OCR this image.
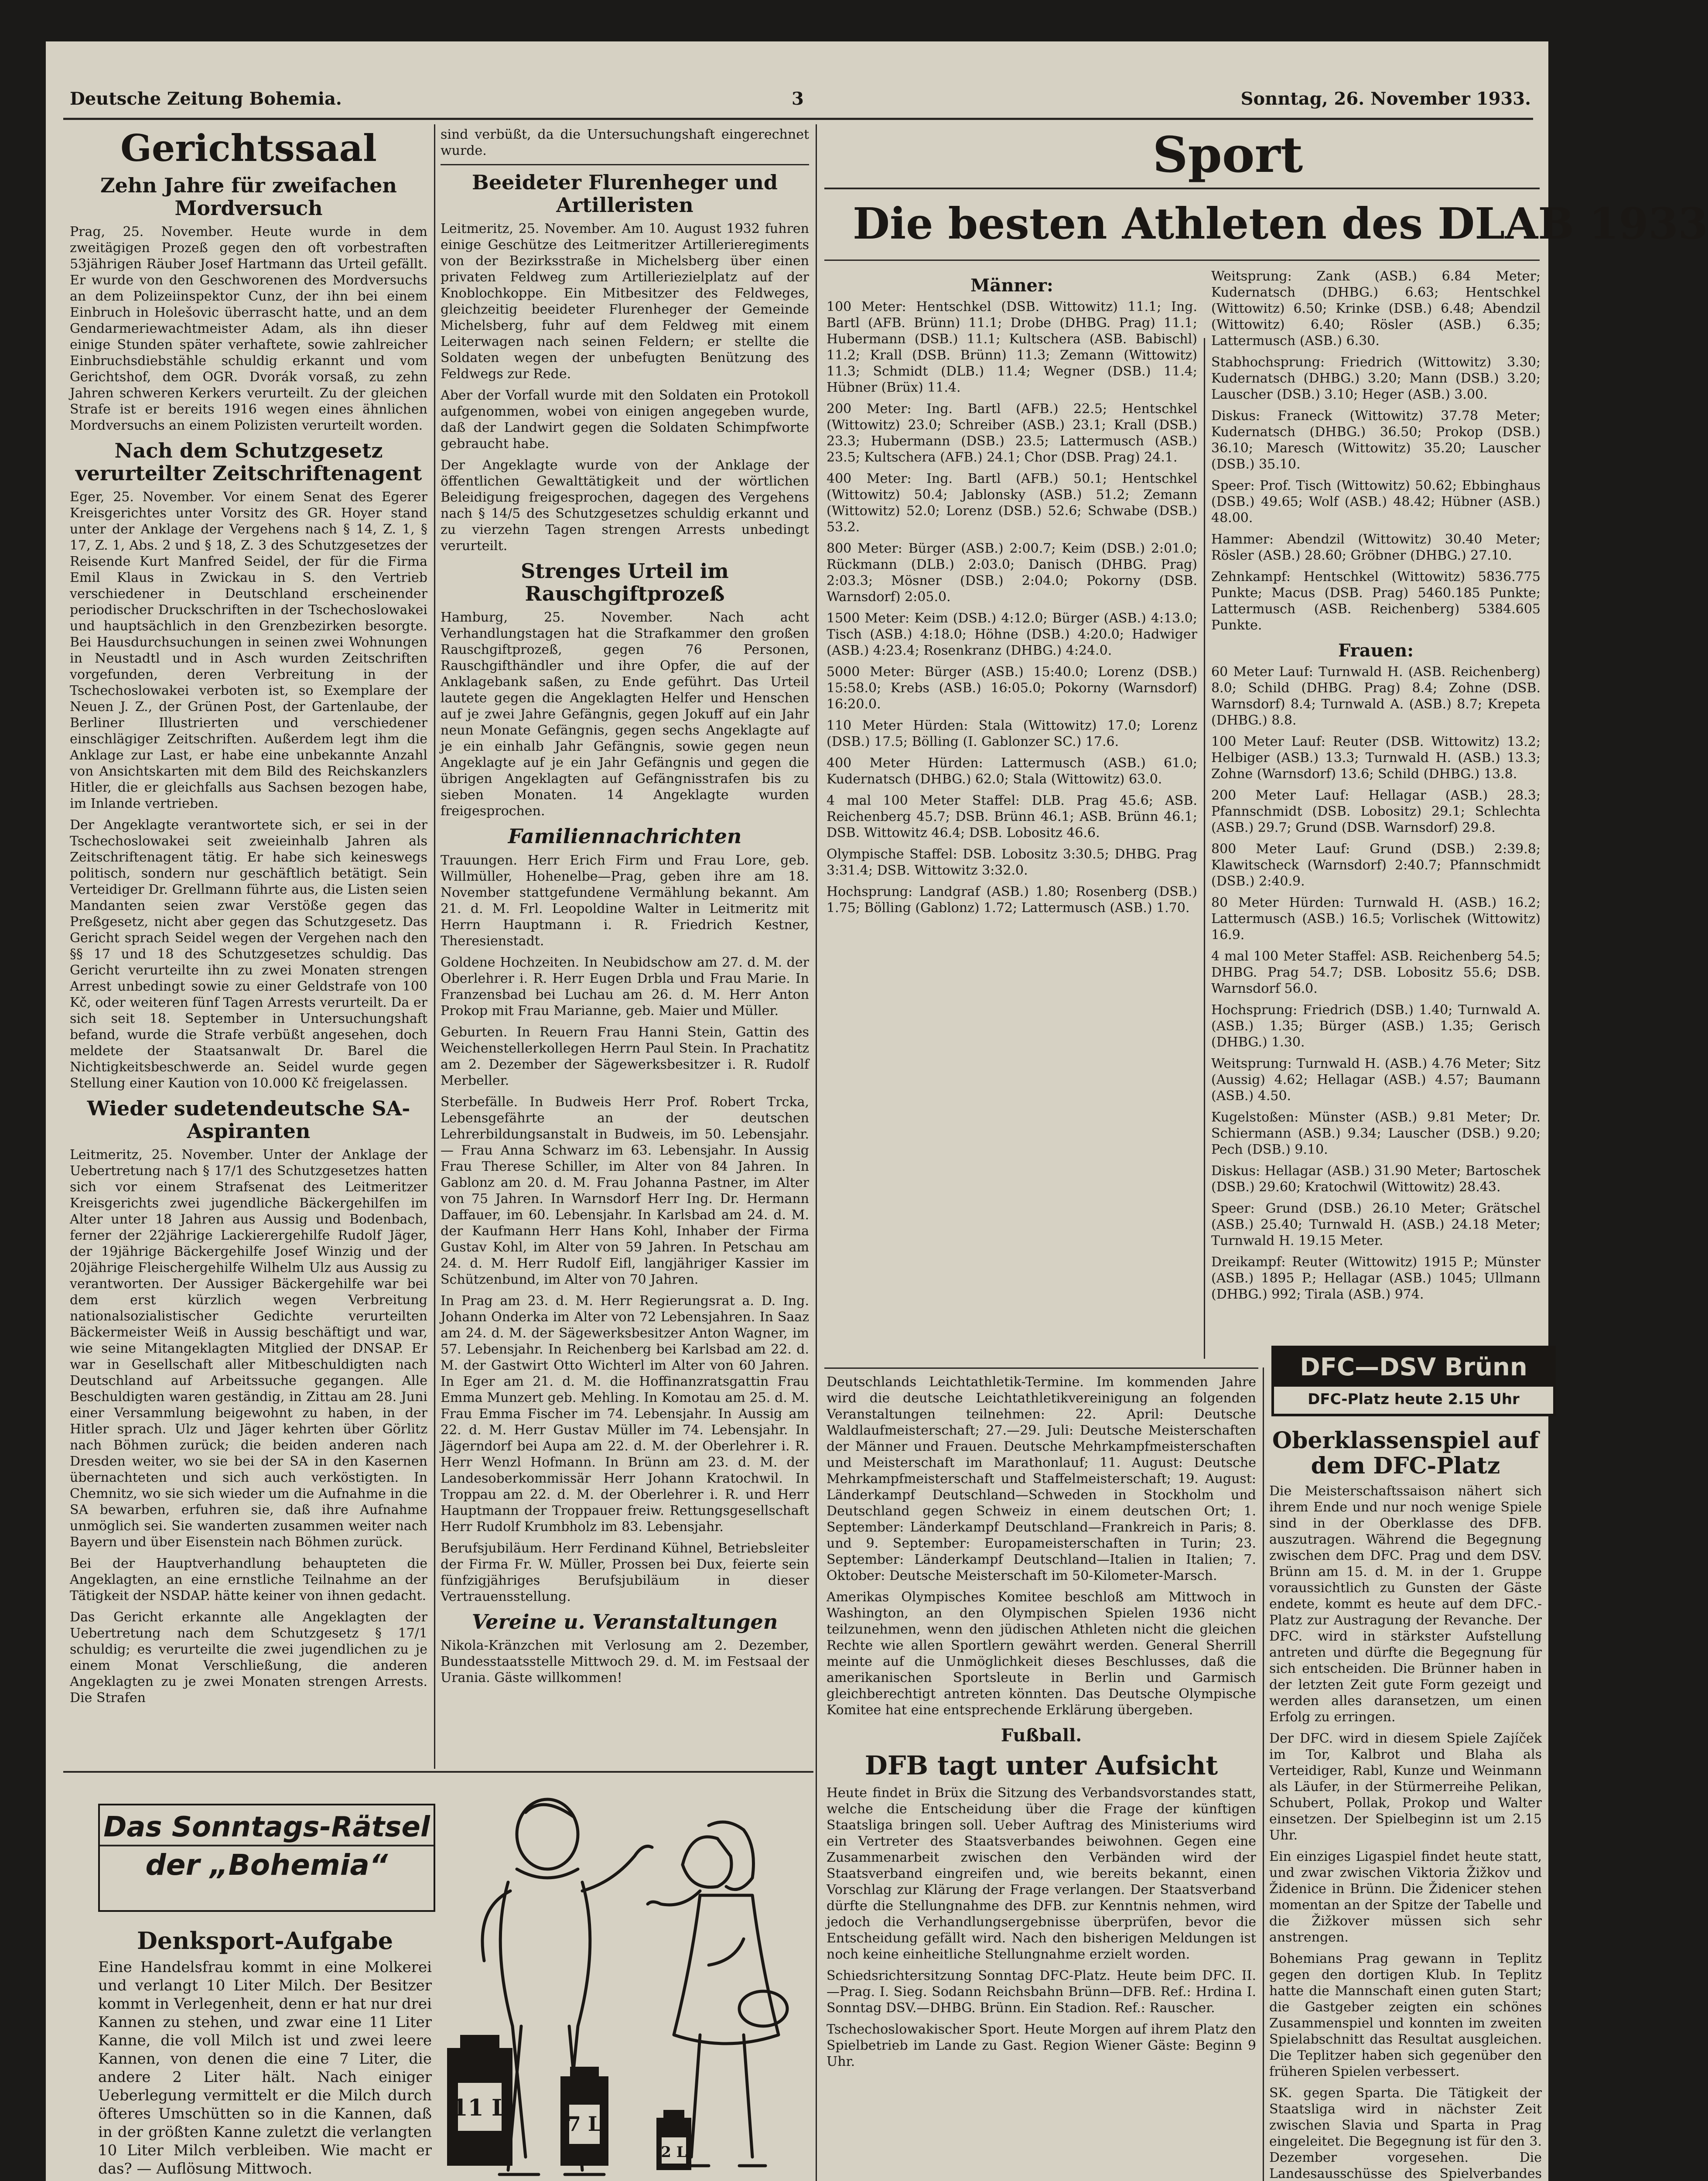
Deutsche Zeitung Bohemia.	3	Sonntag, 26. November 1933.
Gerichtssaal
Zehn Jahre für zweifachen Mordversuch

Prag, 25. November. Heute wurde in dem zweitägigen Prozeß gegen den oft vorbestraften 53jährigen Räuber Josef Hartmann das Urteil gefällt. Er wurde von den Geschworenen des Mordversuchs an dem Polizeiinspektor Cunz, der ihn bei einem Einbruch in Holešovic überrascht hatte, und an dem Gendarmeriewachtmeister Adam, als ihn dieser einige Stunden später verhaftete, sowie zahlreicher Einbruchsdiebstähle schuldig erkannt und vom Gerichtshof, dem OGR. Dvorák vorsaß, zu zehn Jahren schweren Kerkers verurteilt. Zu der gleichen Strafe ist er bereits 1916 wegen eines ähnlichen Mordversuchs an einem Polizisten verurteilt worden.

Nach dem Schutzgesetz verurteilter Zeitschriftenagent

Eger, 25. November. Vor einem Senat des Egerer Kreisgerichtes unter Vorsitz des GR. Hoyer stand unter der Anklage der Vergehens nach § 14, Z. 1, § 17, Z. 1, Abs. 2 und § 18, Z. 3 des Schutzgesetzes der Reisende Kurt Manfred Seidel, der für die Firma Emil Klaus in Zwickau in S. den Vertrieb verschiedener in Deutschland erscheinender periodischer Druckschriften in der Tschechoslowakei und hauptsächlich in den Grenzbezirken besorgte. Bei Hausdurchsuchungen in seinen zwei Wohnungen in Neustadtl und in Asch wurden Zeitschriften vorgefunden, deren Verbreitung in der Tschechoslowakei verboten ist, so Exemplare der Neuen J. Z., der Grünen Post, der Gartenlaube, der Berliner Illustrierten und verschiedener einschlägiger Zeitschriften. Außerdem legt ihm die Anklage zur Last, er habe eine unbekannte Anzahl von Ansichtskarten mit dem Bild des Reichskanzlers Hitler, die er gleichfalls aus Sachsen bezogen habe, im Inlande vertrieben.

Der Angeklagte verantwortete sich, er sei in der Tschechoslowakei seit zweieinhalb Jahren als Zeitschriftenagent tätig. Er habe sich keineswegs politisch, sondern nur geschäftlich betätigt. Sein Verteidiger Dr. Grellmann führte aus, die Listen seien Mandanten seien zwar Verstöße gegen das Preßgesetz, nicht aber gegen das Schutzgesetz. Das Gericht sprach Seidel wegen der Vergehen nach den §§ 17 und 18 des Schutzgesetzes schuldig. Das Gericht verurteilte ihn zu zwei Monaten strengen Arrest unbedingt sowie zu einer Geldstrafe von 100 Kč, oder weiteren fünf Tagen Arrests verurteilt. Da er sich seit 18. September in Untersuchungshaft befand, wurde die Strafe verbüßt angesehen, doch meldete der Staatsanwalt Dr. Barel die Nichtigkeitsbeschwerde an. Seidel wurde gegen Stellung einer Kaution von 10.000 Kč freigelassen.

Wieder sudetendeutsche SA-Aspiranten

Leitmeritz, 25. November. Unter der Anklage der Uebertretung nach § 17/1 des Schutzgesetzes hatten sich vor einem Strafsenat des Leitmeritzer Kreisgerichts zwei jugendliche Bäckergehilfen im Alter unter 18 Jahren aus Aussig und Bodenbach, ferner der 22jährige Lackierergehilfe Rudolf Jäger, der 19jährige Bäckergehilfe Josef Winzig und der 20jährige Fleischergehilfe Wilhelm Ulz aus Aussig zu verantworten. Der Aussiger Bäckergehilfe war bei dem erst kürzlich wegen Verbreitung nationalsozialistischer Gedichte verurteilten Bäckermeister Weiß in Aussig beschäftigt und war, wie seine Mitangeklagten Mitglied der DNSAP. Er war in Gesellschaft aller Mitbeschuldigten nach Deutschland auf Arbeitssuche gegangen. Alle Beschuldigten waren geständig, in Zittau am 28. Juni einer Versammlung beigewohnt zu haben, in der Hitler sprach. Ulz und Jäger kehrten über Görlitz nach Böhmen zurück; die beiden anderen nach Dresden weiter, wo sie bei der SA in den Kasernen übernachteten und sich auch verköstigten. In Chemnitz, wo sie sich wieder um die Aufnahme in die SA bewarben, erfuhren sie, daß ihre Aufnahme unmöglich sei. Sie wanderten zusammen weiter nach Bayern und über Eisenstein nach Böhmen zurück.

Bei der Hauptverhandlung behaupteten die Angeklagten, an eine ernstliche Teilnahme an der Tätigkeit der NSDAP. hätte keiner von ihnen gedacht.

Das Gericht erkannte alle Angeklagten der Uebertretung nach dem Schutzgesetz § 17/1 schuldig; es verurteilte die zwei jugendlichen zu je einem Monat Verschließung, die anderen Angeklagten zu je zwei Monaten strengen Arrests. Die Strafen

sind verbüßt, da die Untersuchungshaft eingerechnet wurde.

Beeideter Flurenheger und Artilleristen

Leitmeritz, 25. November. Am 10. August 1932 fuhren einige Geschütze des Leitmeritzer Artillerieregiments von der Bezirksstraße in Michelsberg über einen privaten Feldweg zum Artilleriezielplatz auf der Knoblochkoppe. Ein Mitbesitzer des Feldweges, gleichzeitig beeideter Flurenheger der Gemeinde Michelsberg, fuhr auf dem Feldweg mit einem Leiterwagen nach seinen Feldern; er stellte die Soldaten wegen der unbefugten Benützung des Feldwegs zur Rede.

Aber der Vorfall wurde mit den Soldaten ein Protokoll aufgenommen, wobei von einigen angegeben wurde, daß der Landwirt gegen die Soldaten Schimpfworte gebraucht habe.

Der Angeklagte wurde von der Anklage der öffentlichen Gewalttätigkeit und der wörtlichen Beleidigung freigesprochen, dagegen des Vergehens nach § 14/5 des Schutzgesetzes schuldig erkannt und zu vierzehn Tagen strengen Arrests unbedingt verurteilt.

Strenges Urteil im Rauschgiftprozeß

Hamburg, 25. November. Nach acht Verhandlungstagen hat die Strafkammer den großen Rauschgiftprozeß, gegen 76 Personen, Rauschgifthändler und ihre Opfer, die auf der Anklagebank saßen, zu Ende geführt. Das Urteil lautete gegen die Angeklagten Helfer und Henschen auf je zwei Jahre Gefängnis, gegen Jokuff auf ein Jahr neun Monate Gefängnis, gegen sechs Angeklagte auf je ein einhalb Jahr Gefängnis, sowie gegen neun Angeklagte auf je ein Jahr Gefängnis und gegen die übrigen Angeklagten auf Gefängnisstrafen bis zu sieben Monaten. 14 Angeklagte wurden freigesprochen.

Familiennachrichten

Trauungen. Herr Erich Firm und Frau Lore, geb. Willmüller, Hohenelbe—Prag, geben ihre am 18. November stattgefundene Vermählung bekannt. Am 21. d. M. Frl. Leopoldine Walter in Leitmeritz mit Herrn Hauptmann i. R. Friedrich Kestner, Theresienstadt.

Goldene Hochzeiten. In Neubidschow am 27. d. M. der Oberlehrer i. R. Herr Eugen Drbla und Frau Marie. In Franzensbad bei Luchau am 26. d. M. Herr Anton Prokop mit Frau Marianne, geb. Maier und Müller.

Geburten. In Reuern Frau Hanni Stein, Gattin des Weichenstellerkollegen Herrn Paul Stein. In Prachatitz am 2. Dezember der Sägewerksbesitzer i. R. Rudolf Merbeller.

Sterbefälle. In Budweis Herr Prof. Robert Trcka, Lebensgefährte an der deutschen Lehrerbildungsanstalt in Budweis, im 50. Lebensjahr. — Frau Anna Schwarz im 63. Lebensjahr. In Aussig Frau Therese Schiller, im Alter von 84 Jahren. In Gablonz am 20. d. M. Frau Johanna Pastner, im Alter von 75 Jahren. In Warnsdorf Herr Ing. Dr. Hermann Daffauer, im 60. Lebensjahr. In Karlsbad am 24. d. M. der Kaufmann Herr Hans Kohl, Inhaber der Firma Gustav Kohl, im Alter von 59 Jahren. In Petschau am 24. d. M. Herr Rudolf Eifl, langjähriger Kassier im Schützenbund, im Alter von 70 Jahren.

In Prag am 23. d. M. Herr Regierungsrat a. D. Ing. Johann Onderka im Alter von 72 Lebensjahren. In Saaz am 24. d. M. der Sägewerksbesitzer Anton Wagner, im 57. Lebensjahr. In Reichenberg bei Karlsbad am 22. d. M. der Gastwirt Otto Wichterl im Alter von 60 Jahren. In Eger am 21. d. M. die Hoffinanzratsgattin Frau Emma Munzert geb. Mehling. In Komotau am 25. d. M. Frau Emma Fischer im 74. Lebensjahr. In Aussig am 22. d. M. Herr Gustav Müller im 74. Lebensjahr. In Jägerndorf bei Aupa am 22. d. M. der Oberlehrer i. R. Herr Wenzl Hofmann. In Brünn am 23. d. M. der Landesoberkommissär Herr Johann Kratochwil. In Troppau am 22. d. M. der Oberlehrer i. R. und Herr Hauptmann der Troppauer freiw. Rettungsgesellschaft Herr Rudolf Krumbholz im 83. Lebensjahr.

Berufsjubiläum. Herr Ferdinand Kühnel, Betriebsleiter der Firma Fr. W. Müller, Prossen bei Dux, feierte sein fünfzigjähriges Berufsjubiläum in dieser Vertrauensstellung.

Vereine u. Veranstaltungen

Nikola-Kränzchen mit Verlosung am 2. Dezember, Bundesstaatsstelle Mittwoch 29. d. M. im Festsaal der Urania. Gäste willkommen!

Sport
Die besten Athleten des DLAB 1933
Männer:

100 Meter: Hentschkel (DSB. Wittowitz) 11.1; Ing. Bartl (AFB. Brünn) 11.1; Drobe (DHBG. Prag) 11.1; Hubermann (DSB.) 11.1; Kultschera (ASB. Babischl) 11.2; Krall (DSB. Brünn) 11.3; Zemann (Wittowitz) 11.3; Schmidt (DLB.) 11.4; Wegner (DSB.) 11.4; Hübner (Brüx) 11.4.

200 Meter: Ing. Bartl (AFB.) 22.5; Hentschkel (Wittowitz) 23.0; Schreiber (ASB.) 23.1; Krall (DSB.) 23.3; Hubermann (DSB.) 23.5; Lattermusch (ASB.) 23.5; Kultschera (AFB.) 24.1; Chor (DSB. Prag) 24.1.

400 Meter: Ing. Bartl (AFB.) 50.1; Hentschkel (Wittowitz) 50.4; Jablonsky (ASB.) 51.2; Zemann (Wittowitz) 52.0; Lorenz (DSB.) 52.6; Schwabe (DSB.) 53.2.

800 Meter: Bürger (ASB.) 2:00.7; Keim (DSB.) 2:01.0; Rückmann (DLB.) 2:03.0; Danisch (DHBG. Prag) 2:03.3; Mösner (DSB.) 2:04.0; Pokorny (DSB. Warnsdorf) 2:05.0.

1500 Meter: Keim (DSB.) 4:12.0; Bürger (ASB.) 4:13.0; Tisch (ASB.) 4:18.0; Höhne (DSB.) 4:20.0; Hadwiger (ASB.) 4:23.4; Rosenkranz (DHBG.) 4:24.0.

5000 Meter: Bürger (ASB.) 15:40.0; Lorenz (DSB.) 15:58.0; Krebs (ASB.) 16:05.0; Pokorny (Warnsdorf) 16:20.0.

110 Meter Hürden: Stala (Wittowitz) 17.0; Lorenz (DSB.) 17.5; Bölling (I. Gablonzer SC.) 17.6.

400 Meter Hürden: Lattermusch (ASB.) 61.0; Kudernatsch (DHBG.) 62.0; Stala (Wittowitz) 63.0.

4 mal 100 Meter Staffel: DLB. Prag 45.6; ASB. Reichenberg 45.7; DSB. Brünn 46.1; ASB. Brünn 46.1; DSB. Wittowitz 46.4; DSB. Lobositz 46.6.

Olympische Staffel: DSB. Lobositz 3:30.5; DHBG. Prag 3:31.4; DSB. Wittowitz 3:32.0.

Hochsprung: Landgraf (ASB.) 1.80; Rosenberg (DSB.) 1.75; Bölling (Gablonz) 1.72; Lattermusch (ASB.) 1.70.

Weitsprung: Zank (ASB.) 6.84 Meter; Kudernatsch (DHBG.) 6.63; Hentschkel (Wittowitz) 6.50; Krinke (DSB.) 6.48; Abendzil (Wittowitz) 6.40; Rösler (ASB.) 6.35; Lattermusch (ASB.) 6.30.

Stabhochsprung: Friedrich (Wittowitz) 3.30; Kudernatsch (DHBG.) 3.20; Mann (DSB.) 3.20; Lauscher (DSB.) 3.10; Heger (ASB.) 3.00.

Diskus: Franeck (Wittowitz) 37.78 Meter; Kudernatsch (DHBG.) 36.50; Prokop (DSB.) 36.10; Maresch (Wittowitz) 35.20; Lauscher (DSB.) 35.10.

Speer: Prof. Tisch (Wittowitz) 50.62; Ebbinghaus (DSB.) 49.65; Wolf (ASB.) 48.42; Hübner (ASB.) 48.00.

Hammer: Abendzil (Wittowitz) 30.40 Meter; Rösler (ASB.) 28.60; Gröbner (DHBG.) 27.10.

Zehnkampf: Hentschkel (Wittowitz) 5836.775 Punkte; Macus (DSB. Prag) 5460.185 Punkte; Lattermusch (ASB. Reichenberg) 5384.605 Punkte.

Frauen:

60 Meter Lauf: Turnwald H. (ASB. Reichenberg) 8.0; Schild (DHBG. Prag) 8.4; Zohne (DSB. Warnsdorf) 8.4; Turnwald A. (ASB.) 8.7; Krepeta (DHBG.) 8.8.

100 Meter Lauf: Reuter (DSB. Wittowitz) 13.2; Helbiger (ASB.) 13.3; Turnwald H. (ASB.) 13.3; Zohne (Warnsdorf) 13.6; Schild (DHBG.) 13.8.

200 Meter Lauf: Hellagar (ASB.) 28.3; Pfannschmidt (DSB. Lobositz) 29.1; Schlechta (ASB.) 29.7; Grund (DSB. Warnsdorf) 29.8.

800 Meter Lauf: Grund (DSB.) 2:39.8; Klawitscheck (Warnsdorf) 2:40.7; Pfannschmidt (DSB.) 2:40.9.

80 Meter Hürden: Turnwald H. (ASB.) 16.2; Lattermusch (ASB.) 16.5; Vorlischek (Wittowitz) 16.9.

4 mal 100 Meter Staffel: ASB. Reichenberg 54.5; DHBG. Prag 54.7; DSB. Lobositz 55.6; DSB. Warnsdorf 56.0.

Hochsprung: Friedrich (DSB.) 1.40; Turnwald A. (ASB.) 1.35; Bürger (ASB.) 1.35; Gerisch (DHBG.) 1.30.

Weitsprung: Turnwald H. (ASB.) 4.76 Meter; Sitz (Aussig) 4.62; Hellagar (ASB.) 4.57; Baumann (ASB.) 4.50.

Kugelstoßen: Münster (ASB.) 9.81 Meter; Dr. Schiermann (ASB.) 9.34; Lauscher (DSB.) 9.20; Pech (DSB.) 9.10.

Diskus: Hellagar (ASB.) 31.90 Meter; Bartoschek (DSB.) 29.60; Kratochwil (Wittowitz) 28.43.

Speer: Grund (DSB.) 26.10 Meter; Grätschel (ASB.) 25.40; Turnwald H. (ASB.) 24.18 Meter; Turnwald H. 19.15 Meter.

Dreikampf: Reuter (Wittowitz) 1915 P.; Münster (ASB.) 1895 P.; Hellagar (ASB.) 1045; Ullmann (DHBG.) 992; Tirala (ASB.) 974.

Deutschlands Leichtathletik-Termine. Im kommenden Jahre wird die deutsche Leichtathletikvereinigung an folgenden Veranstaltungen teilnehmen: 22. April: Deutsche Waldlaufmeisterschaft; 27.—29. Juli: Deutsche Meisterschaften der Männer und Frauen. Deutsche Mehrkampfmeisterschaften und Meisterschaft im Marathonlauf; 11. August: Deutsche Mehrkampfmeisterschaft und Staffelmeisterschaft; 19. August: Länderkampf Deutschland—Schweden in Stockholm und Deutschland gegen Schweiz in einem deutschen Ort; 1. September: Länderkampf Deutschland—Frankreich in Paris; 8. und 9. September: Europameisterschaften in Turin; 23. September: Länderkampf Deutschland—Italien in Italien; 7. Oktober: Deutsche Meisterschaft im 50-Kilometer-Marsch.

Amerikas Olympisches Komitee beschloß am Mittwoch in Washington, an den Olympischen Spielen 1936 nicht teilzunehmen, wenn den jüdischen Athleten nicht die gleichen Rechte wie allen Sportlern gewährt werden. General Sherrill meinte auf die Unmöglichkeit dieses Beschlusses, daß die amerikanischen Sportsleute in Berlin und Garmisch gleichberechtigt antreten könnten. Das Deutsche Olympische Komitee hat eine entsprechende Erklärung übergeben.

Fußball.
DFB tagt unter Aufsicht

Heute findet in Brüx die Sitzung des Verbandsvorstandes statt, welche die Entscheidung über die Frage der künftigen Staatsliga bringen soll. Ueber Auftrag des Ministeriums wird ein Vertreter des Staatsverbandes beiwohnen. Gegen eine Zusammenarbeit zwischen den Verbänden wird der Staatsverband eingreifen und, wie bereits bekannt, einen Vorschlag zur Klärung der Frage verlangen. Der Staatsverband dürfte die Stellungnahme des DFB. zur Kenntnis nehmen, wird jedoch die Verhandlungsergebnisse überprüfen, bevor die Entscheidung gefällt wird. Nach den bisherigen Meldungen ist noch keine einheitliche Stellungnahme erzielt worden.

Schiedsrichtersitzung Sonntag DFC-Platz. Heute beim DFC. II.—Prag. I. Sieg. Sodann Reichsbahn Brünn—DFB. Ref.: Hrdina I. Sonntag DSV.—DHBG. Brünn. Ein Stadion. Ref.: Rauscher.

Tschechoslowakischer Sport. Heute Morgen auf ihrem Platz den Spielbetrieb im Lande zu Gast. Region Wiener Gäste: Beginn 9 Uhr.

DFC—DSV Brünn
DFC-Platz heute 2.15 Uhr
Oberklassenspiel auf dem DFC-Platz

Die Meisterschaftssaison nähert sich ihrem Ende und nur noch wenige Spiele sind in der Oberklasse des DFB. auszutragen. Während die Begegnung zwischen dem DFC. Prag und dem DSV. Brünn am 15. d. M. in der 1. Gruppe voraussichtlich zu Gunsten der Gäste endete, kommt es heute auf dem DFC.-Platz zur Austragung der Revanche. Der DFC. wird in stärkster Aufstellung antreten und dürfte die Begegnung für sich entscheiden. Die Brünner haben in der letzten Zeit gute Form gezeigt und werden alles daransetzen, um einen Erfolg zu erringen.

Der DFC. wird in diesem Spiele Zajíček im Tor, Kalbrot und Blaha als Verteidiger, Rabl, Kunze und Weinmann als Läufer, in der Stürmerreihe Pelikan, Schubert, Pollak, Prokop und Walter einsetzen. Der Spielbeginn ist um 2.15 Uhr.

Ein einziges Ligaspiel findet heute statt, und zwar zwischen Viktoria Žižkov und Židenice in Brünn. Die Židenicer stehen momentan an der Spitze der Tabelle und die Žižkover müssen sich sehr anstrengen.

Bohemians Prag gewann in Teplitz gegen den dortigen Klub. In Teplitz hatte die Mannschaft einen guten Start; die Gastgeber zeigten ein schönes Zusammenspiel und konnten im zweiten Spielabschnitt das Resultat ausgleichen. Die Teplitzer haben sich gegenüber den früheren Spielen verbessert.

SK. gegen Sparta. Die Tätigkeit der Staatsliga wird in nächster Zeit zwischen Slavia und Sparta in Prag eingeleitet. Die Begegnung ist für den 3. Dezember vorgesehen. Die Landesausschüsse des Spielverbandes

Das Sonntags-Rätsel
der „Bohemia“
Denksport-Aufgabe

Eine Handelsfrau kommt in eine Molkerei und verlangt 10 Liter Milch. Der Besitzer kommt in Verlegenheit, denn er hat nur drei Kannen zu stehen, und zwar eine 11 Liter Kanne, die voll Milch ist und zwei leere Kannen, von denen die eine 7 Liter, die andere 2 Liter hält. Nach einiger Ueberlegung vermittelt er die Milch durch öfteres Umschütten so in die Kannen, daß in der größten Kanne zuletzt die verlangten 10 Liter Milch verbleiben. Wie macht er das? — Auflösung Mittwoch.

11 L
7 L
2 L
